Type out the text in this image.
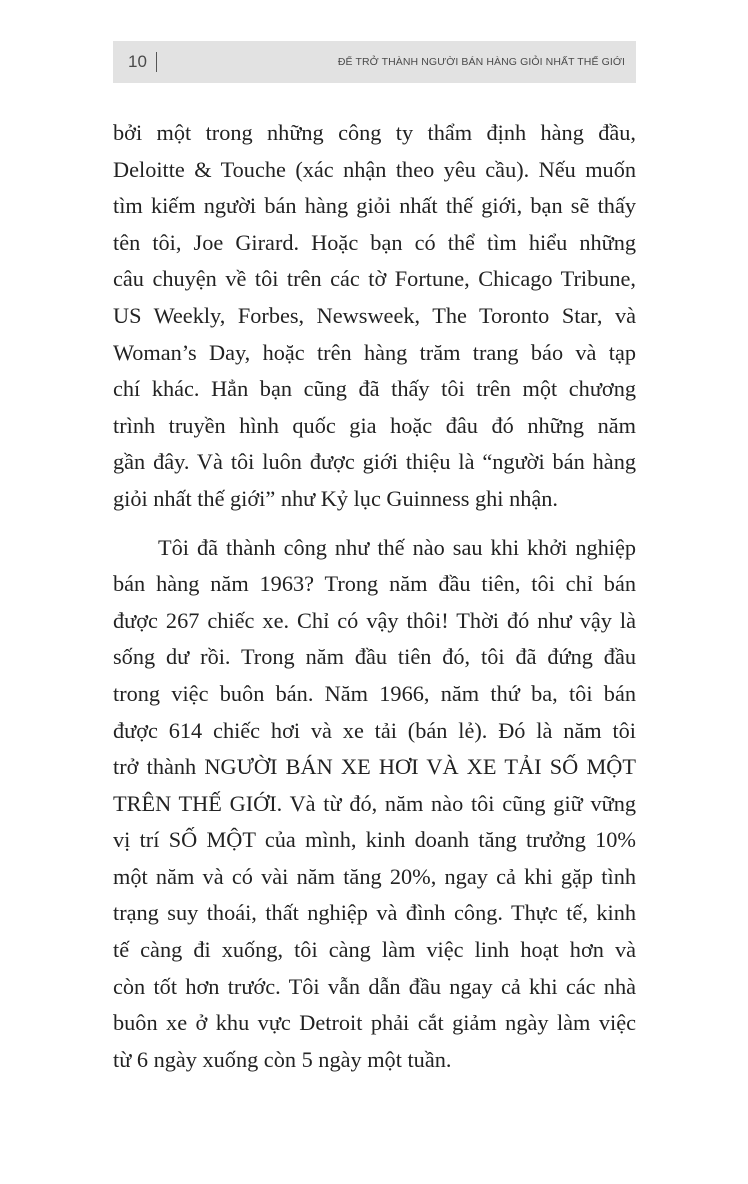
10	ĐỂ TRỞ THÀNH NGƯỜI BÁN HÀNG GIỎI NHẤT THẾ GIỚI
bởi một trong những công ty thẩm định hàng đầu,
Deloitte & Touche (xác nhận theo yêu cầu). Nếu muốn
tìm kiếm người bán hàng giỏi nhất thế giới, bạn sẽ thấy
tên tôi, Joe Girard. Hoặc bạn có thể tìm hiểu những
câu chuyện về tôi trên các tờ Fortune, Chicago Tribune,
US Weekly, Forbes, Newsweek, The Toronto Star, và
Woman’s Day, hoặc trên hàng trăm trang báo và tạp
chí khác. Hẳn bạn cũng đã thấy tôi trên một chương
trình truyền hình quốc gia hoặc đâu đó những năm
gần đây. Và tôi luôn được giới thiệu là “người bán hàng
giỏi nhất thế giới” như Kỷ lục Guinness ghi nhận.
Tôi đã thành công như thế nào sau khi khởi nghiệp
bán hàng năm 1963? Trong năm đầu tiên, tôi chỉ bán
được 267 chiếc xe. Chỉ có vậy thôi! Thời đó như vậy là
sống dư rồi. Trong năm đầu tiên đó, tôi đã đứng đầu
trong việc buôn bán. Năm 1966, năm thứ ba, tôi bán
được 614 chiếc hơi và xe tải (bán lẻ). Đó là năm tôi
trở thành NGƯỜI BÁN XE HƠI VÀ XE TẢI SỐ MỘT
TRÊN THẾ GIỚI. Và từ đó, năm nào tôi cũng giữ vững
vị trí SỐ MỘT của mình, kinh doanh tăng trưởng 10%
một năm và có vài năm tăng 20%, ngay cả khi gặp tình
trạng suy thoái, thất nghiệp và đình công. Thực tế, kinh
tế càng đi xuống, tôi càng làm việc linh hoạt hơn và
còn tốt hơn trước. Tôi vẫn dẫn đầu ngay cả khi các nhà
buôn xe ở khu vực Detroit phải cắt giảm ngày làm việc
từ 6 ngày xuống còn 5 ngày một tuần.
